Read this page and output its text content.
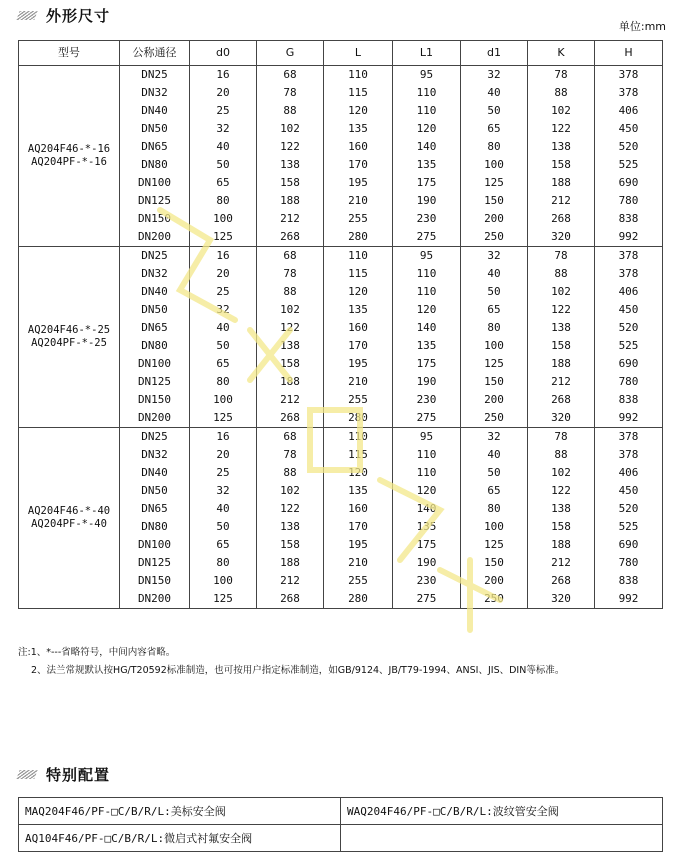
外形尺寸
单位:mm
型号	公称通径	d0	G	L	L1	d1	K	H

AQ204F46-*-16
AQ204PF-*-16	DN25	16	68	110	95	32	78	378
	DN32	20	78	115	110	40	88	378
	DN40	25	88	120	110	50	102	406
	DN50	32	102	135	120	65	122	450
	DN65	40	122	160	140	80	138	520
	DN80	50	138	170	135	100	158	525
	DN100	65	158	195	175	125	188	690
	DN125	80	188	210	190	150	212	780
	DN150	100	212	255	230	200	268	838
	DN200	125	268	280	275	250	320	992

AQ204F46-*-25
AQ204PF-*-25	DN25	16	68	110	95	32	78	378
	DN32	20	78	115	110	40	88	378
	DN40	25	88	120	110	50	102	406
	DN50	32	102	135	120	65	122	450
	DN65	40	122	160	140	80	138	520
	DN80	50	138	170	135	100	158	525
	DN100	65	158	195	175	125	188	690
	DN125	80	188	210	190	150	212	780
	DN150	100	212	255	230	200	268	838
	DN200	125	268	280	275	250	320	992

AQ204F46-*-40
AQ204PF-*-40	DN25	16	68	110	95	32	78	378
	DN32	20	78	115	110	40	88	378
	DN40	25	88	120	110	50	102	406
	DN50	32	102	135	120	65	122	450
	DN65	40	122	160	140	80	138	520
	DN80	50	138	170	135	100	158	525
	DN100	65	158	195	175	125	188	690
	DN125	80	188	210	190	150	212	780
	DN150	100	212	255	230	200	268	838
	DN200	125	268	280	275	250	320	992
注:1、*---省略符号，中间内容省略。
2、法兰常规默认按HG/T20592标准制造，也可按用户指定标准制造，如GB/9124、JB/T79-1994、ANSI、JIS、DIN等标准。
特别配置
MAQ204F46/PF-□C/B/R/L:美标安全阀	WAQ204F46/PF-□C/B/R/L:波纹管安全阀
AQ104F46/PF-□C/B/R/L:微启式衬氟安全阀	
